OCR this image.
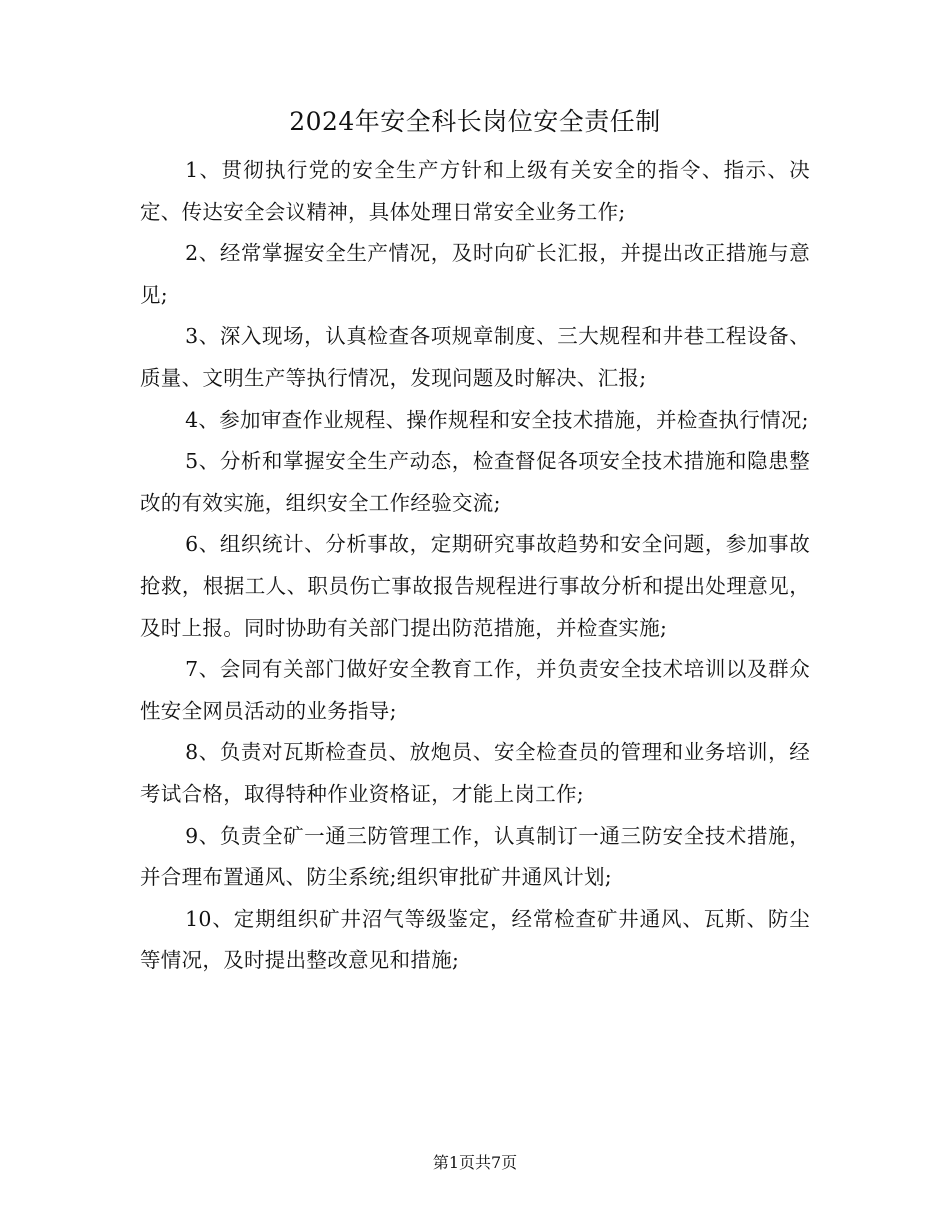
2024年安全科长岗位安全责任制

1、贯彻执行党的安全生产方针和上级有关安全的指令、指示、决定、传达安全会议精神，具体处理日常安全业务工作;

2、经常掌握安全生产情况，及时向矿长汇报，并提出改正措施与意见;

3、深入现场，认真检查各项规章制度、三大规程和井巷工程设备、质量、文明生产等执行情况，发现问题及时解决、汇报;

4、参加审查作业规程、操作规程和安全技术措施，并检查执行情况;

5、分析和掌握安全生产动态，检查督促各项安全技术措施和隐患整改的有效实施，组织安全工作经验交流;

6、组织统计、分析事故，定期研究事故趋势和安全问题，参加事故抢救，根据工人、职员伤亡事故报告规程进行事故分析和提出处理意见，及时上报。同时协助有关部门提出防范措施，并检查实施;

7、会同有关部门做好安全教育工作，并负责安全技术培训以及群众性安全网员活动的业务指导;

8、负责对瓦斯检查员、放炮员、安全检查员的管理和业务培训，经考试合格，取得特种作业资格证，才能上岗工作;

9、负责全矿一通三防管理工作，认真制订一通三防安全技术措施，并合理布置通风、防尘系统;组织审批矿井通风计划;

10、定期组织矿井沼气等级鉴定，经常检查矿井通风、瓦斯、防尘等情况，及时提出整改意见和措施;

第1页共7页
